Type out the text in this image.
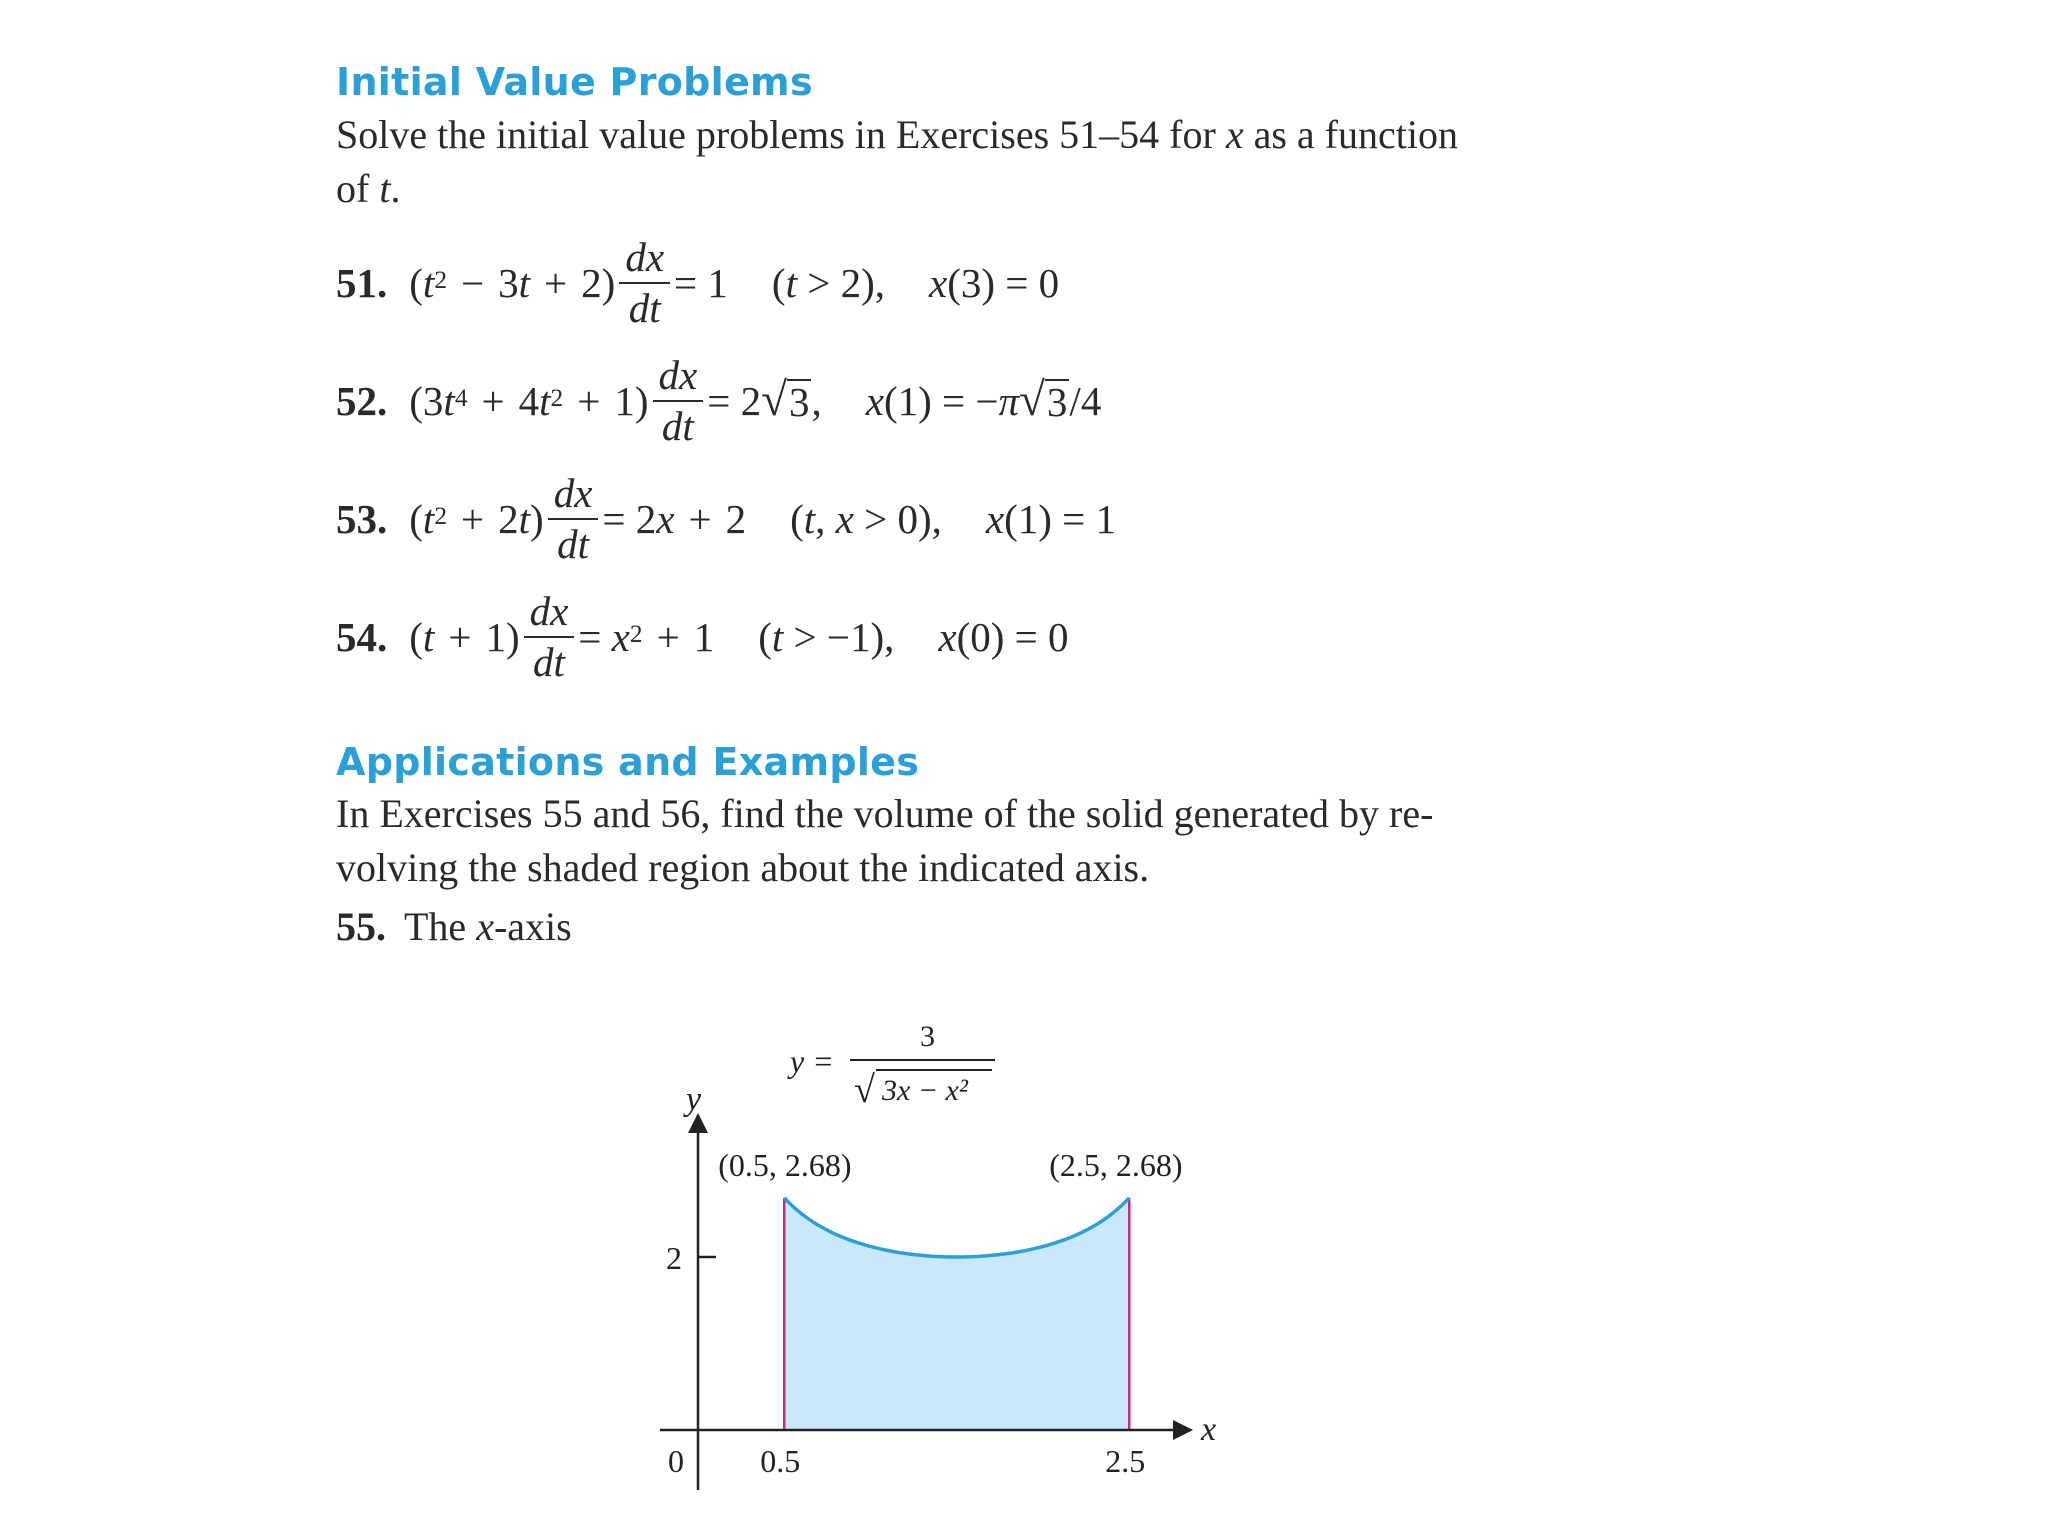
Initial Value Problems
Solve the initial value problems in Exercises 51–54 for x as a function
of t.
51. $(t^2 - 3t + 2) \frac{dx}{dt} = 1$ (t > 2), x(3) = 0
52. $(3t^4 + 4t^2 + 1) \frac{dx}{dt} = 2$ √ 3 , x(1) = −π √ 3 /4
53. $(t^2 + 2t) \frac{dx}{dt} = 2x + 2$ (t, x > 0), x(1) = 1
54. $(t + 1) \frac{dx}{dt} = x^2 + 1$ (t > −1), x(0) = 0
Applications and Examples
In Exercises 55 and 56, find the volume of the solid generated by re-
volving the shaded region about the indicated axis.
55. The x-axis
x
y
0 0.5	2.5
2
(0.5, 2.68)	(2.5, 2.68)
y =
3
√ 3x − x²
